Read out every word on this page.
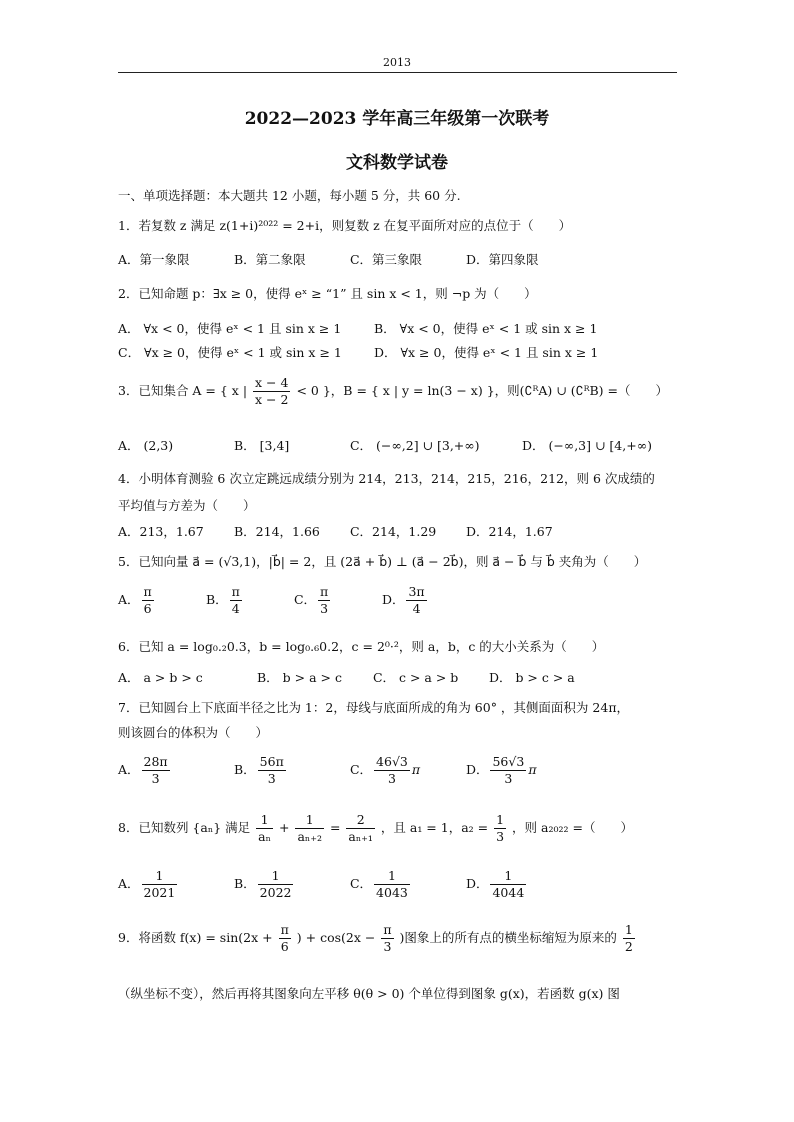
2013
2022—2023 学年高三年级第一次联考
文科数学试卷
一、单项选择题：本大题共 12 小题，每小题 5 分，共 60 分.
1．若复数 z 满足 z(1+i)²⁰²² = 2+i，则复数 z 在复平面所对应的点位于（　　）
A．第一象限	B．第二象限	C．第三象限	D．第四象限
2．已知命题 p：∃x ≥ 0，使得 eˣ ≥ “1” 且 sin x < 1，则 ¬p 为（　　）
A． ∀x < 0，使得 eˣ < 1 且 sin x ≥ 1	B． ∀x < 0，使得 eˣ < 1 或 sin x ≥ 1
C． ∀x ≥ 0，使得 eˣ < 1 或 sin x ≥ 1	D． ∀x ≥ 0，使得 eˣ < 1 且 sin x ≥ 1
3．已知集合 A = { x | $\frac{x - 4}{x - 2} < 0$ }，B = { x | y = ln(3 − x) }，则(∁ᴿA) ∪ (∁ᴿB) =（　　）
A． (2,3)	B． [3,4]	C． (−∞,2] ∪ [3,+∞)	D． (−∞,3] ∪ [4,+∞)
4．小明体育测验 6 次立定跳远成绩分别为 214，213，214，215，216，212，则 6 次成绩的
平均值与方差为（　　）
A．213，1.67 B．214，1.66 C．214，1.29 D．214，1.67
5．已知向量 a⃗ = (√3,1)，|b⃗| = 2，且 (2a⃗ + b⃗) ⊥ (a⃗ − 2b⃗)，则 a⃗ − b⃗ 与 b⃗ 夹角为（　　）
A． $\frac{\pi}{6}$	B． $\frac{\pi}{4}$	C． $\frac{\pi}{3}$	D． $\frac{3\pi}{4}$
6．已知 a = log₀.₂0.3，b = log₀.₆0.2，c = 2⁰·²，则 a，b，c 的大小关系为（　　）
A． a > b > c	B． b > a > c C． c > a > b D． b > c > a
7．已知圆台上下底面半径之比为 1：2，母线与底面所成的角为 60° ，其侧面面积为 24π，
则该圆台的体积为（　　）
A． $\frac{28\pi}{3}$	B． $\frac{56\pi}{3}$	C． $\frac{46√3}{3}$ π	D． $\frac{56√3}{3}$ π
8．已知数列 {aₙ} 满足 $\frac{1}{\text{aₙ}} + \frac{1}{\text{aₙ₊₂}} = \frac{2}{\text{aₙ₊₁}}$ ，且 a₁ = 1，$a_2 = \frac{1}{3}$ ，则 a₂₀₂₂ =（　　）
A． $\frac{1}{2021}$	B． $\frac{1}{2022}$	C． $\frac{1}{4043}$	D． $\frac{1}{4044}$
9．将函数 $f(x) = \sin(2x + \frac{\pi}{6}$ ) + $\cos(2x - \frac{\pi}{3}$ )图象上的所有点的横坐标缩短为原来的 $\frac{1}{2}$
（纵坐标不变），然后再将其图象向左平移 θ(θ > 0) 个单位得到图象 g(x)，若函数 g(x) 图
